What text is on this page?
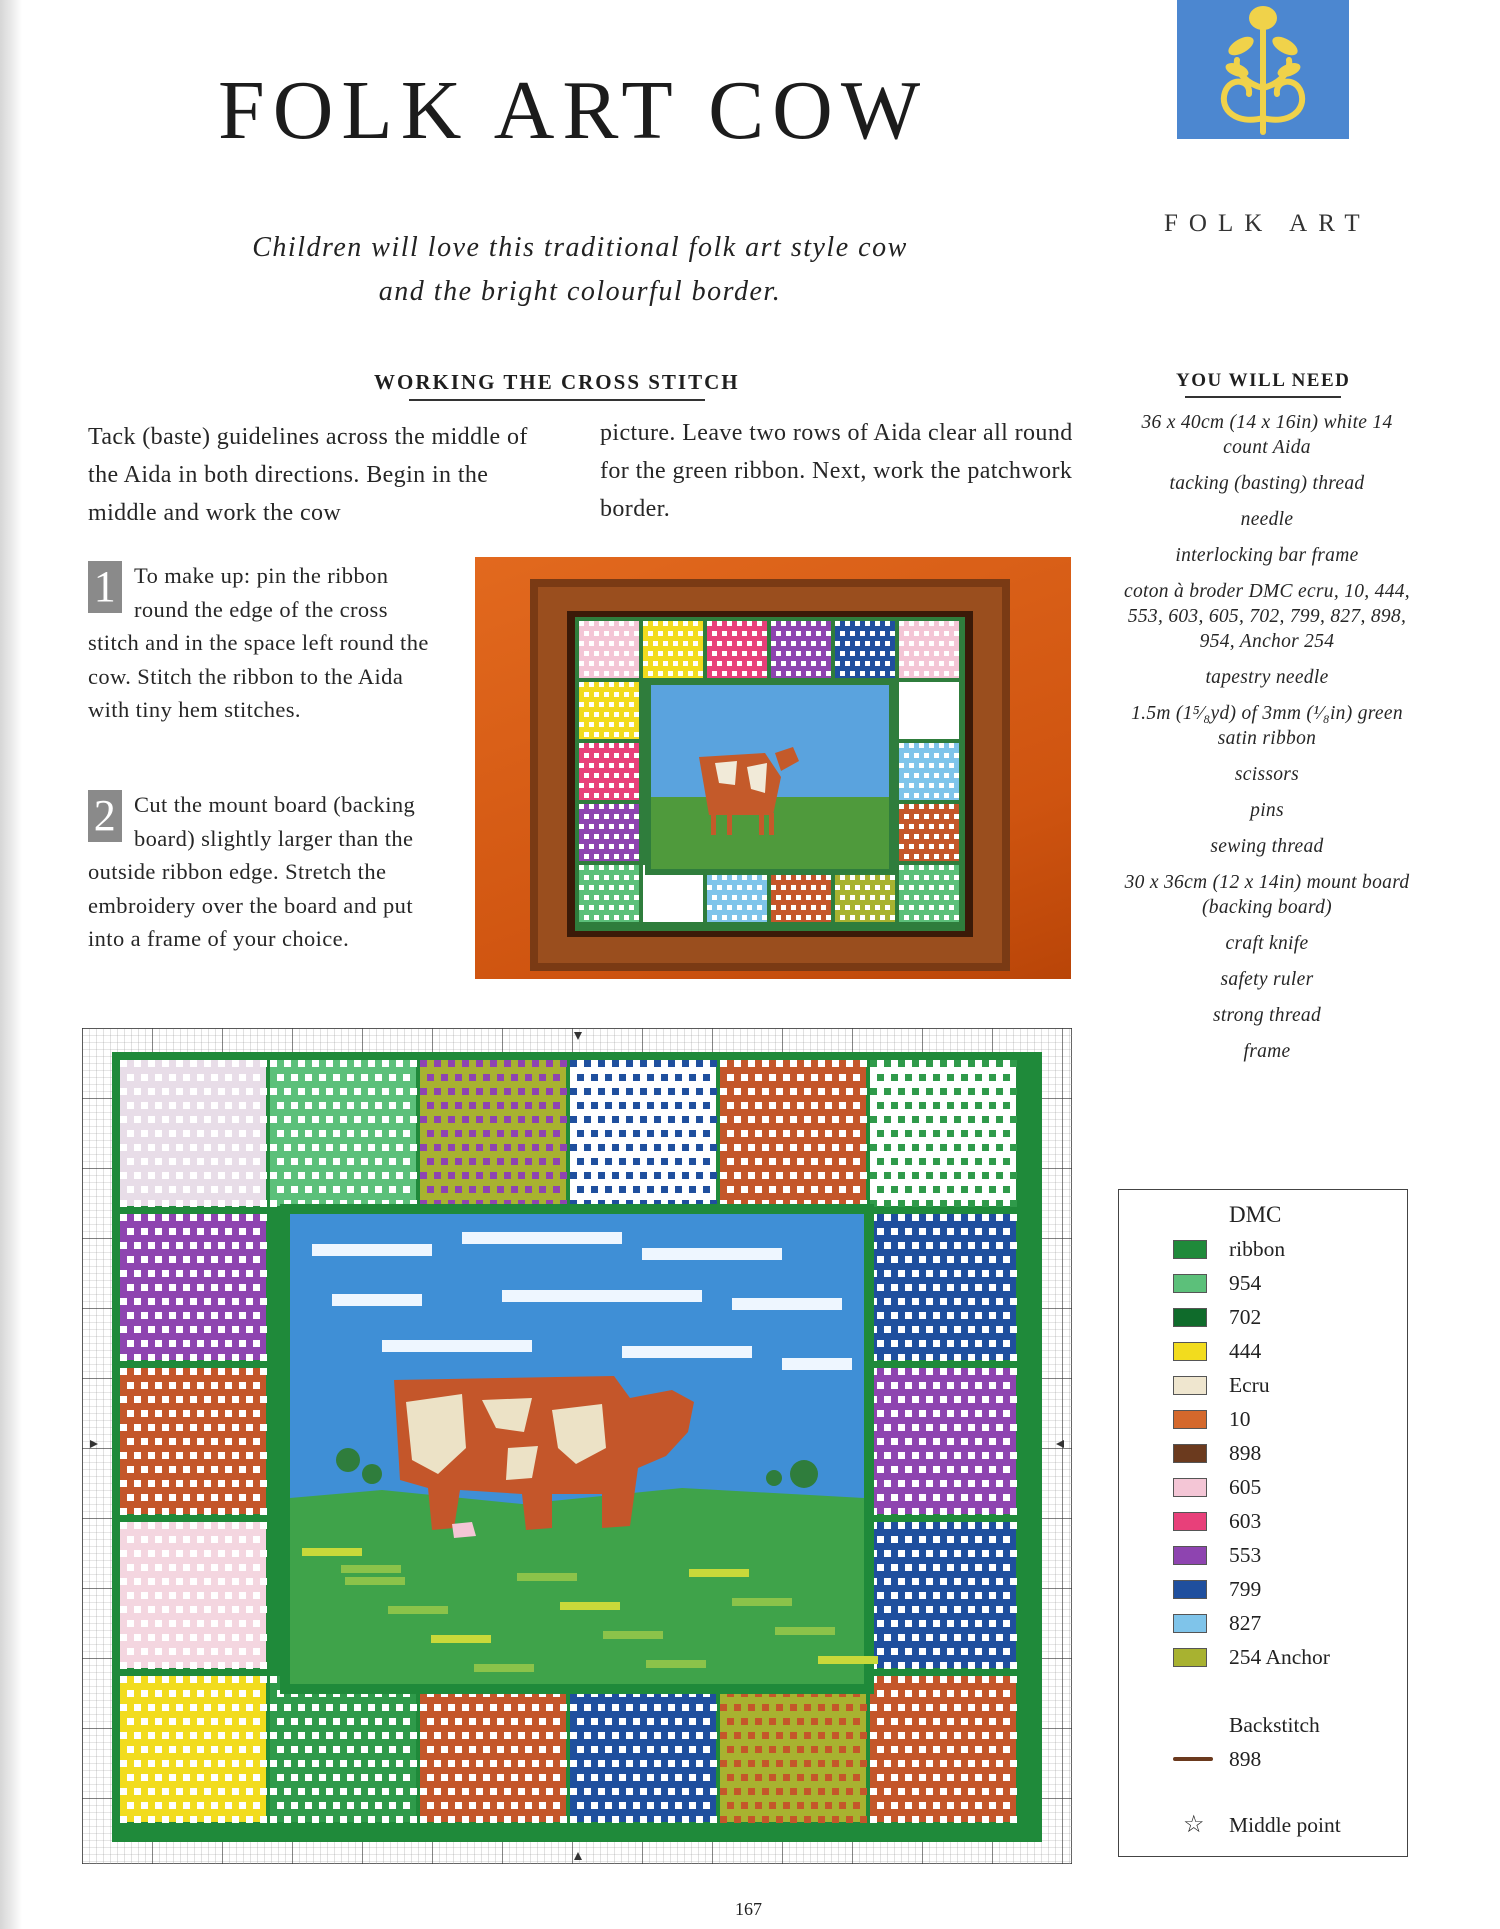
FOLK ART COW
FOLK ART
Children will love this traditional folk art style cow and the bright colourful border.
WORKING THE CROSS STITCH
Tack (baste) guidelines across the middle of the Aida in both directions. Begin in the middle and work the cow
picture. Leave two rows of Aida clear all round for the green ribbon. Next, work the patchwork border.
1 To make up: pin the ribbon round the edge of the cross stitch and in the space left round the cow. Stitch the ribbon to the Aida with tiny hem stitches.
2 Cut the mount board (backing board) slightly larger than the outside ribbon edge. Stretch the embroidery over the board and put into a frame of your choice.
YOU WILL NEED
36 x 40cm (14 x 16in) white 14 count Aida
tacking (basting) thread
needle
interlocking bar frame
coton à broder DMC ecru, 10, 444, 553, 603, 605, 702, 799, 827, 898, 954, Anchor 254
tapestry needle
1.5m (1⁵⁄₈yd) of 3mm (¹⁄₈in) green satin ribbon
scissors
pins
sewing thread
30 x 36cm (12 x 14in) mount board (backing board)
craft knife
safety ruler
strong thread
frame
DMC
ribbon
954
702
444
Ecru
10
898
605
603
553
799
827
254 Anchor
Backstitch
898
☆ Middle point
167
